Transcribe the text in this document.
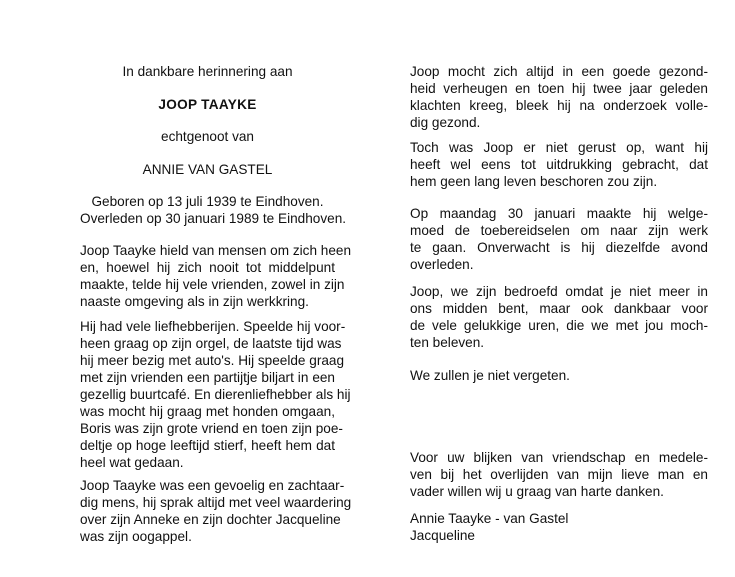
In dankbare herinnering aan
JOOP TAAYKE
echtgenoot van
ANNIE VAN GASTEL
Geboren op 13 juli 1939 te Eindhoven.
Overleden op 30 januari 1989 te Eindhoven.
Joop Taayke hield van mensen om zich heen
en, hoewel hij zich nooit tot middelpunt
maakte, telde hij vele vrienden, zowel in zijn
naaste omgeving als in zijn werkkring.
Hij had vele liefhebberijen. Speelde hij voor-
heen graag op zijn orgel, de laatste tijd was
hij meer bezig met auto's. Hij speelde graag
met zijn vrienden een partijtje biljart in een
gezellig buurtcafé. En dierenliefhebber als hij
was mocht hij graag met honden omgaan,
Boris was zijn grote vriend en toen zijn poe-
deltje op hoge leeftijd stierf, heeft hem dat
heel wat gedaan.
Joop Taayke was een gevoelig en zachtaar-
dig mens, hij sprak altijd met veel waardering
over zijn Anneke en zijn dochter Jacqueline
was zijn oogappel.
Joop mocht zich altijd in een goede gezond-
heid verheugen en toen hij twee jaar geleden
klachten kreeg, bleek hij na onderzoek volle-
dig gezond.
Toch was Joop er niet gerust op, want hij
heeft wel eens tot uitdrukking gebracht, dat
hem geen lang leven beschoren zou zijn.
Op maandag 30 januari maakte hij welge-
moed de toebereidselen om naar zijn werk
te gaan. Onverwacht is hij diezelfde avond
overleden.
Joop, we zijn bedroefd omdat je niet meer in
ons midden bent, maar ook dankbaar voor
de vele gelukkige uren, die we met jou moch-
ten beleven.
We zullen je niet vergeten.
Voor uw blijken van vriendschap en medele-
ven bij het overlijden van mijn lieve man en
vader willen wij u graag van harte danken.
Annie Taayke - van Gastel
Jacqueline
